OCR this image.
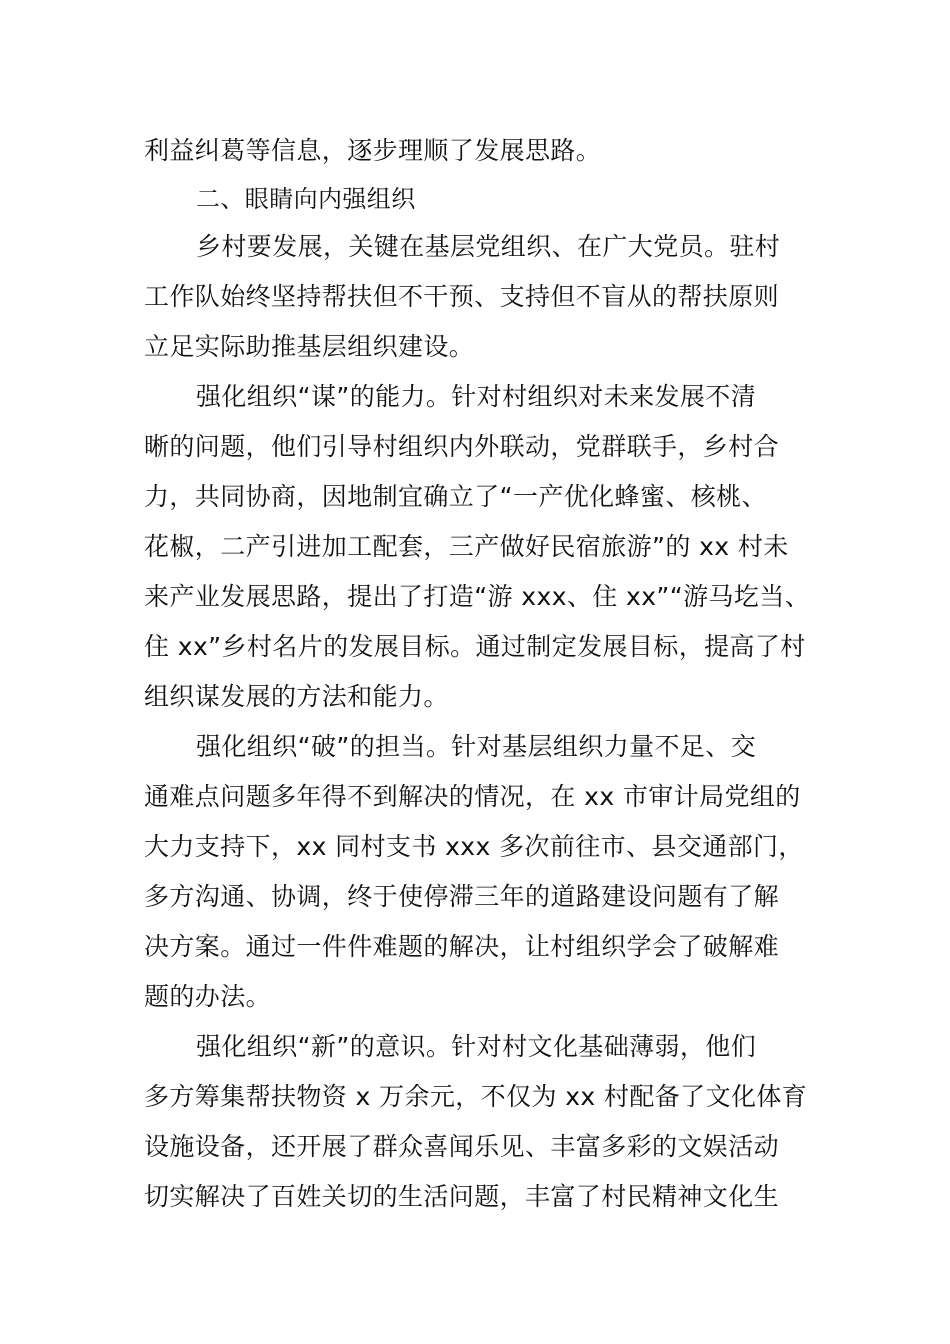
利益纠葛等信息，逐步理顺了发展思路。
二、眼睛向内强组织
乡村要发展，关键在基层党组织、在广大党员。驻村
工作队始终坚持帮扶但不干预、支持但不盲从的帮扶原则
立足实际助推基层组织建设。
强化组织“谋”的能力。针对村组织对未来发展不清
晰的问题，他们引导村组织内外联动，党群联手，乡村合
力，共同协商，因地制宜确立了“一产优化蜂蜜、核桃、
花椒，二产引进加工配套，三产做好民宿旅游”的 xx 村未
来产业发展思路，提出了打造“游 xxx、住 xx”“游马圪当、
住 xx”乡村名片的发展目标。通过制定发展目标，提高了村
组织谋发展的方法和能力。
强化组织“破”的担当。针对基层组织力量不足、交
通难点问题多年得不到解决的情况，在 xx 市审计局党组的
大力支持下，xx 同村支书 xxx 多次前往市、县交通部门，
多方沟通、协调，终于使停滞三年的道路建设问题有了解
决方案。通过一件件难题的解决，让村组织学会了破解难
题的办法。
强化组织“新”的意识。针对村文化基础薄弱，他们
多方筹集帮扶物资 x 万余元，不仅为 xx 村配备了文化体育
设施设备，还开展了群众喜闻乐见、丰富多彩的文娱活动
切实解决了百姓关切的生活问题，丰富了村民精神文化生
